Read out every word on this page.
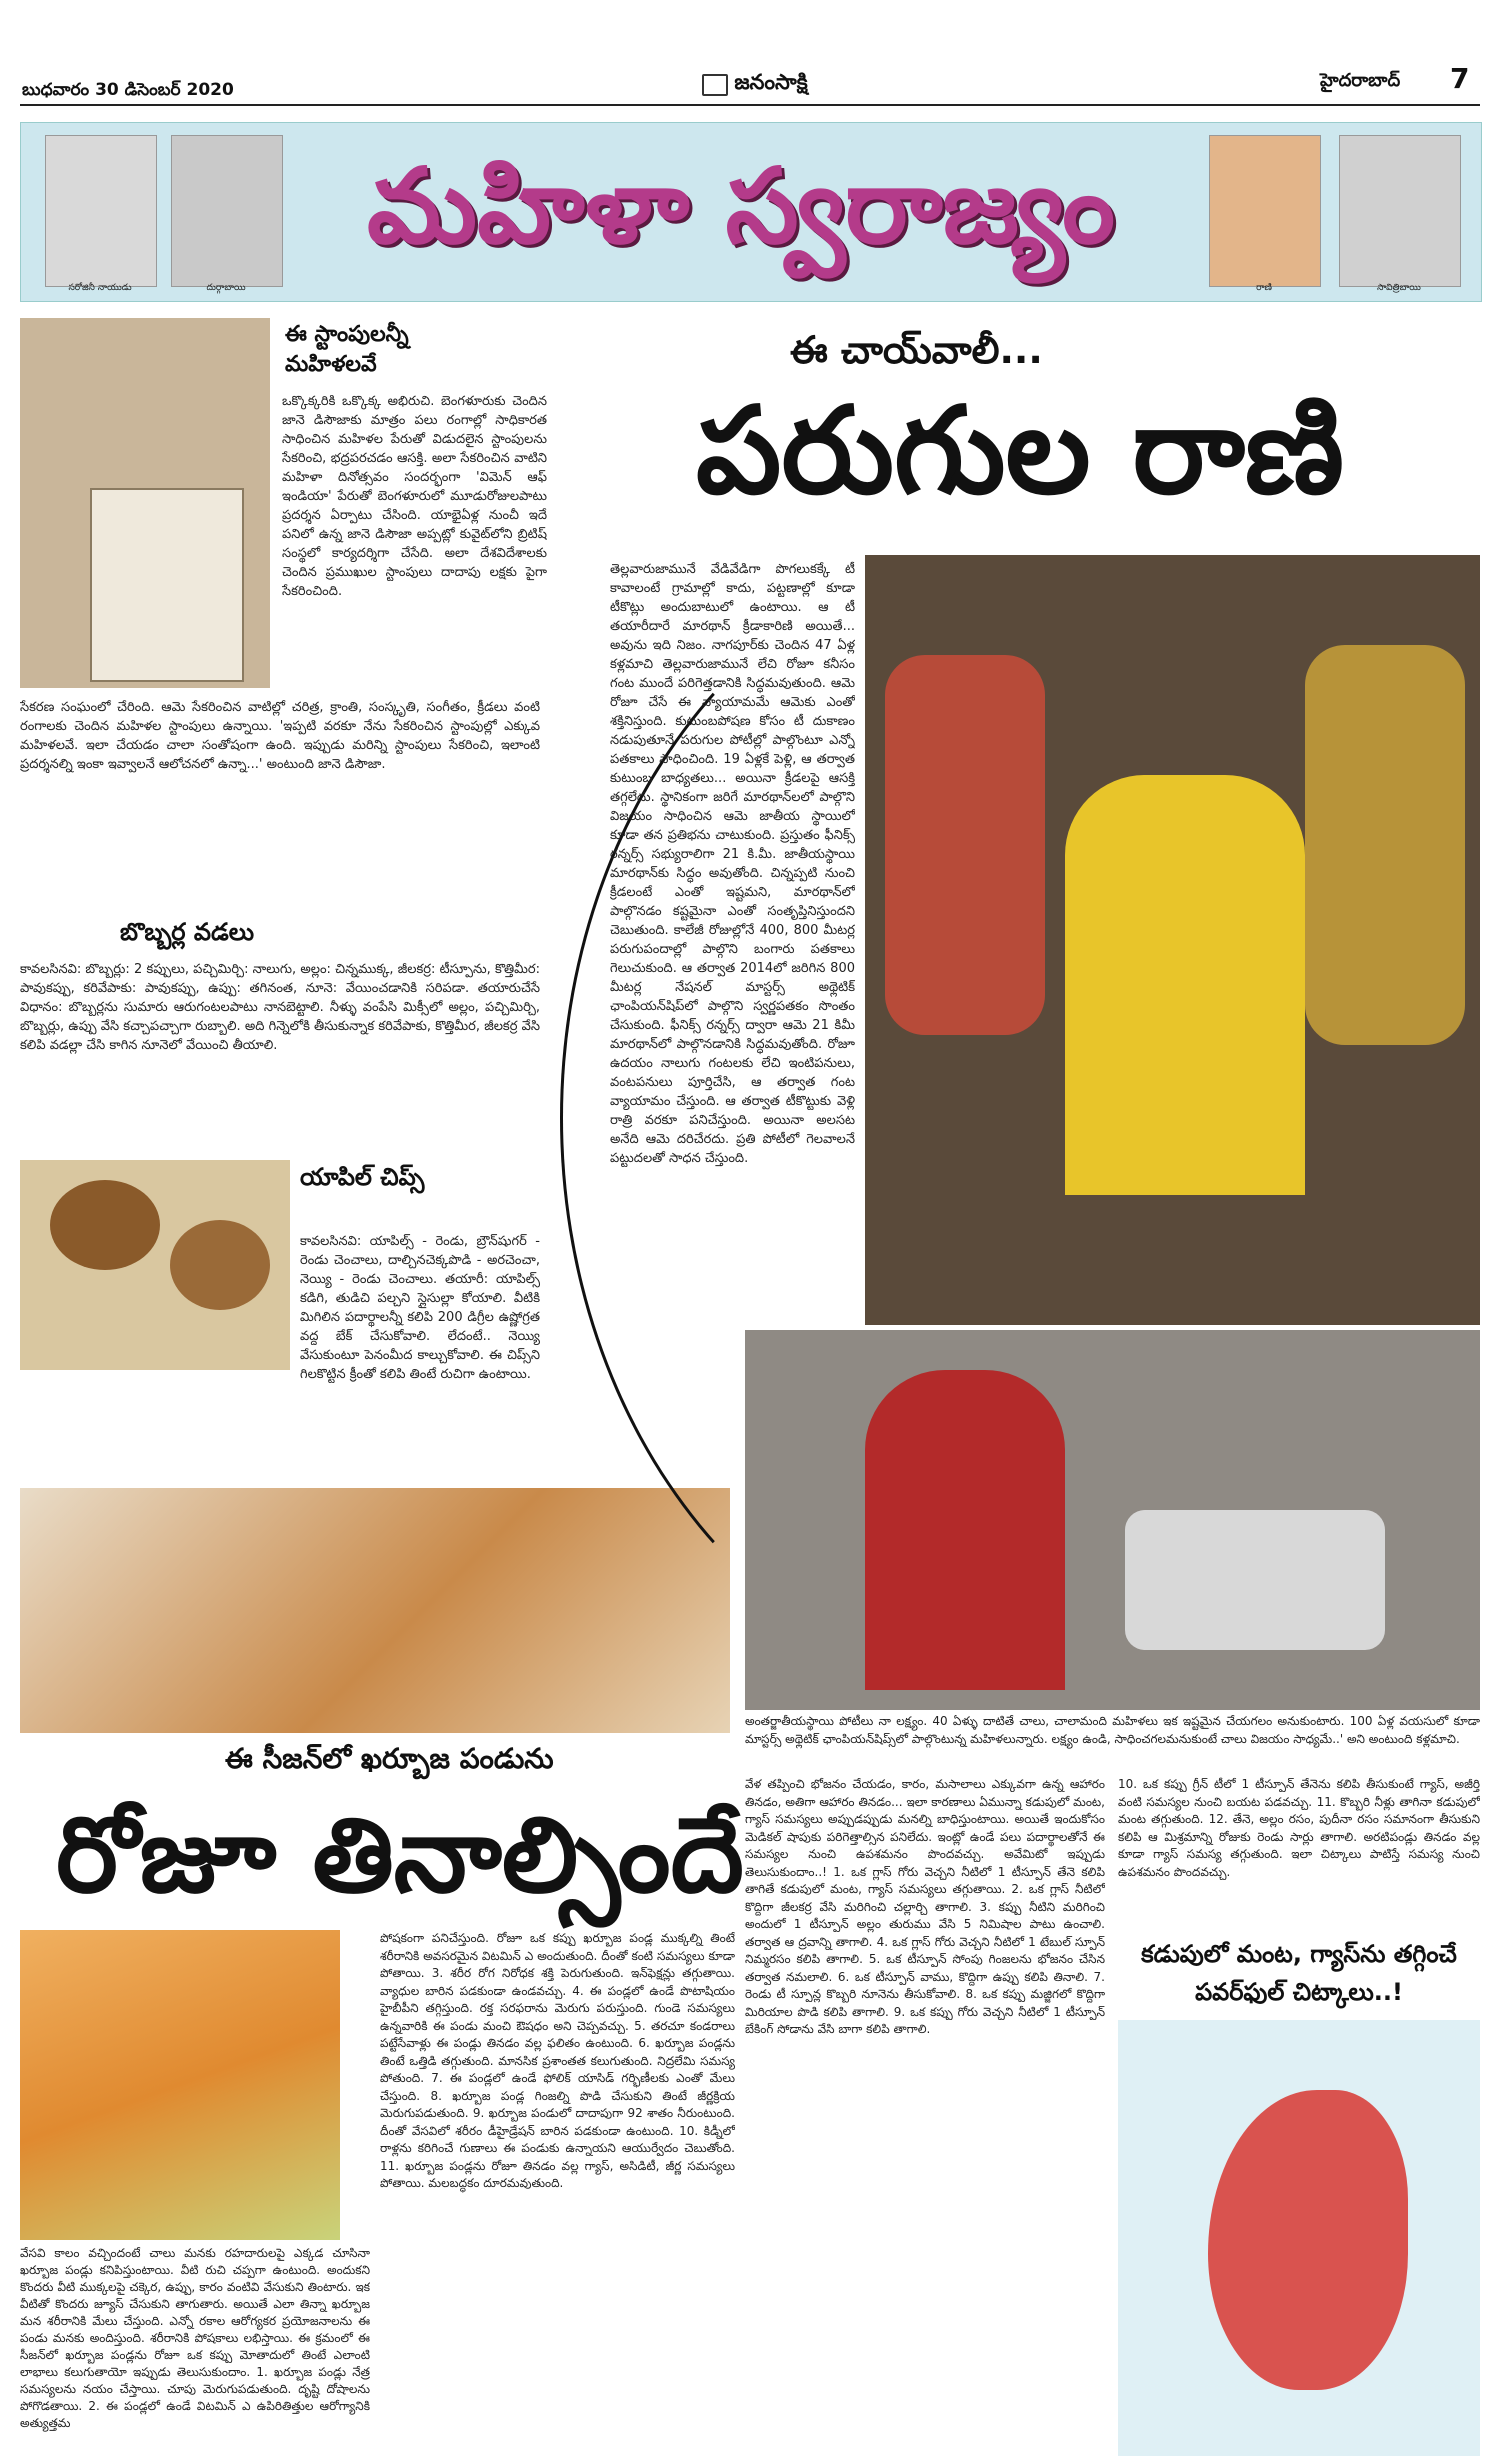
బుధవారం 30 డిసెంబర్ 2020	జనంసాక్షి	హైదరాబాద్ 7
సరోజినీ నాయుడు	దుర్గాబాయి
మహిళా స్వరాజ్యం
రాణి	సావిత్రిబాయి
ఈ స్టాంపులన్నీ మహిళలవే
ఒక్కొక్కరికి ఒక్కొక్క అభిరుచి. బెంగళూరుకు చెందిన జానె డిసౌజాకు మాత్రం పలు రంగాల్లో సాధికారత సాధించిన మహిళల పేరుతో విడుదలైన స్టాంపులను సేకరించి, భద్రపరచడం ఆసక్తి. అలా సేకరించిన వాటిని మహిళా దినోత్సవం సందర్భంగా 'విమెన్ ఆఫ్ ఇండియా' పేరుతో బెంగళూరులో మూడురోజులపాటు ప్రదర్శన ఏర్పాటు చేసింది. యాభైఏళ్ల నుంచీ ఇదే పనిలో ఉన్న జానె డిసౌజా అప్పట్లో కువైట్‌లోని బ్రిటిష్ సంస్థలో కార్యదర్శిగా చేసేది. అలా దేశవిదేశాలకు చెందిన ప్రముఖుల స్టాంపులు దాదాపు లక్షకు పైగా సేకరించింది.
సేకరణ సంఘంలో చేరింది. ఆమె సేకరించిన వాటిల్లో చరిత్ర, క్రాంతి, సంస్కృతి, సంగీతం, క్రీడలు వంటి రంగాలకు చెందిన మహిళల స్టాంపులు ఉన్నాయి. 'ఇప్పటి వరకూ నేను సేకరించిన స్టాంపుల్లో ఎక్కువ మహిళలవే. ఇలా చేయడం చాలా సంతోషంగా ఉంది. ఇప్పుడు మరిన్ని స్టాంపులు సేకరించి, ఇలాంటి ప్రదర్శనల్ని ఇంకా ఇవ్వాలనే ఆలోచనలో ఉన్నా...' అంటుంది జానె డిసౌజా.
బొబ్బర్ల వడలు
కావలసినవి: బొబ్బర్లు: 2 కప్పులు, పచ్చిమిర్చి: నాలుగు, అల్లం: చిన్నముక్క, జీలకర్ర: టీస్పూను, కొత్తిమీర: పావుకప్పు, కరివేపాకు: పావుకప్పు, ఉప్పు: తగినంత, నూనె: వేయించడానికి సరిపడా. తయారుచేసే విధానం: బొబ్బర్లను సుమారు ఆరుగంటలపాటు నానబెట్టాలి. నీళ్ళు వంపేసి మిక్సీలో అల్లం, పచ్చిమిర్చి, బొబ్బర్లు, ఉప్పు వేసి కచ్చాపచ్చాగా రుబ్బాలి. అది గిన్నెలోకి తీసుకున్నాక కరివేపాకు, కొత్తిమీర, జీలకర్ర వేసి కలిపి వడల్లా చేసి కాగిన నూనెలో వేయించి తీయాలి.
యాపిల్ చిప్స్
కావలసినవి: యాపిల్స్ - రెండు, బ్రౌన్‌షుగర్ - రెండు చెంచాలు, దాల్చినచెక్కపొడి - అరచెంచా, నెయ్యి - రెండు చెంచాలు. తయారీ: యాపిల్స్ కడిగి, తుడిచి పల్చని స్లైసుల్లా కోయాలి. వీటికి మిగిలిన పదార్థాలన్నీ కలిపి 200 డిగ్రీల ఉష్ణోగ్రత వద్ద బేక్ చేసుకోవాలి. లేదంటే.. నెయ్యి వేసుకుంటూ పెనంమీద కాల్చుకోవాలి. ఈ చిప్స్‌ని గిలకొట్టిన క్రీంతో కలిపి తింటే రుచిగా ఉంటాయి.
ఈ చాయ్‌వాలీ...
పరుగుల రాణి
తెల్లవారుజామునే వేడివేడిగా పొగలుకక్కే టీ కావాలంటే గ్రామాల్లో కాదు, పట్టణాల్లో కూడా టీకొట్లు అందుబాటులో ఉంటాయి. ఆ టీ తయారీదారే మారథాన్ క్రీడాకారిణి అయితే... అవును ఇది నిజం. నాగపూర్‌కు చెందిన 47 ఏళ్ల కళ్లమాచి తెల్లవారుజామునే లేచి రోజూ కనీసం గంట ముందే పరిగెత్తడానికి సిద్ధమవుతుంది. ఆమె రోజూ చేసే ఈ వ్యాయామమే ఆమెకు ఎంతో శక్తినిస్తుంది. కుటుంబపోషణ కోసం టీ దుకాణం నడుపుతూనే పరుగుల పోటీల్లో పాల్గొంటూ ఎన్నో పతకాలు సాధించింది. 19 ఏళ్లకే పెళ్లి, ఆ తర్వాత కుటుంబ బాధ్యతలు... అయినా క్రీడలపై ఆసక్తి తగ్గలేదు. స్థానికంగా జరిగే మారథాన్‌లలో పాల్గొని విజయం సాధించిన ఆమె జాతీయ స్థాయిలో కూడా తన ప్రతిభను చాటుకుంది. ప్రస్తుతం ఫీనిక్స్ రన్నర్స్ సభ్యురాలిగా 21 కి.మీ. జాతీయస్థాయి మారథాన్‌కు సిద్ధం అవుతోంది. చిన్నప్పటి నుంచి క్రీడలంటే ఎంతో ఇష్టమని, మారథాన్‌లో పాల్గొనడం కష్టమైనా ఎంతో సంతృప్తినిస్తుందని చెబుతుంది. కాలేజీ రోజుల్లోనే 400, 800 మీటర్ల పరుగుపందాల్లో పాల్గొని బంగారు పతకాలు గెలుచుకుంది. ఆ తర్వాత 2014లో జరిగిన 800 మీటర్ల నేషనల్ మాస్టర్స్ అథ్లెటిక్ ఛాంపియన్‌షిప్‌లో పాల్గొని స్వర్ణపతకం సొంతం చేసుకుంది. ఫీనిక్స్ రన్నర్స్ ద్వారా ఆమె 21 కిమీ మారథాన్‌లో పాల్గొనడానికి సిద్ధమవుతోంది. రోజూ ఉదయం నాలుగు గంటలకు లేచి ఇంటిపనులు, వంటపనులు పూర్తిచేసి, ఆ తర్వాత గంట వ్యాయామం చేస్తుంది. ఆ తర్వాత టీకొట్టుకు వెళ్లి రాత్రి వరకూ పనిచేస్తుంది. అయినా అలసట అనేది ఆమె దరిచేరదు. ప్రతి పోటీలో గెలవాలనే పట్టుదలతో సాధన చేస్తుంది.
అంతర్జాతీయస్థాయి పోటీలు నా లక్ష్యం. 40 ఏళ్ళు దాటితే చాలు, చాలామంది మహిళలు ఇక ఇష్టమైన చేయగలం అనుకుంటారు. 100 ఏళ్ల వయసులో కూడా మాస్టర్స్ అథ్లెటిక్ ఛాంపియన్‌షిప్స్‌లో పాల్గొంటున్న మహిళలున్నారు. లక్ష్యం ఉండి, సాధించగలమనుకుంటే చాలు విజయం సాధ్యమే..' అని అంటుంది కళ్లమాచి.
ఈ సీజన్‌లో ఖర్బూజ పండును
రోజూ తినాల్సిందే
వేసవి కాలం వచ్చిందంటే చాలు మనకు రహదారులపై ఎక్కడ చూసినా ఖర్బూజ పండ్లు కనిపిస్తుంటాయి. వీటి రుచి చప్పగా ఉంటుంది. అందుకని కొందరు వీటి ముక్కలపై చక్కెర, ఉప్పు, కారం వంటివి వేసుకుని తింటారు. ఇక వీటితో కొందరు జ్యూస్ చేసుకుని తాగుతారు. అయితే ఎలా తిన్నా ఖర్బూజ మన శరీరానికి మేలు చేస్తుంది. ఎన్నో రకాల ఆరోగ్యకర ప్రయోజనాలను ఈ పండు మనకు అందిస్తుంది. శరీరానికి పోషకాలు లభిస్తాయి. ఈ క్రమంలో ఈ సీజన్‌లో ఖర్బూజ పండ్లను రోజూ ఒక కప్పు మోతాదులో తింటే ఎలాంటి లాభాలు కలుగుతాయో ఇప్పుడు తెలుసుకుందాం. 1. ఖర్బూజ పండ్లు నేత్ర సమస్యలను నయం చేస్తాయి. చూపు మెరుగుపడుతుంది. దృష్టి దోషాలను పోగొడతాయి. 2. ఈ పండ్లలో ఉండే విటమిన్ ఎ ఉపిరితిత్తుల ఆరోగ్యానికి అత్యుత్తమ
పోషకంగా పనిచేస్తుంది. రోజూ ఒక కప్పు ఖర్బూజ పండ్ల ముక్కల్ని తింటే శరీరానికి అవసరమైన విటమిన్ ఎ అందుతుంది. దీంతో కంటి సమస్యలు కూడా పోతాయి. 3. శరీర రోగ నిరోధక శక్తి పెరుగుతుంది. ఇన్‌ఫెక్షన్లు తగ్గుతాయి. వ్యాధుల బారిన పడకుండా ఉండవచ్చు. 4. ఈ పండ్లలో ఉండే పొటాషియం హైబీపీని తగ్గిస్తుంది. రక్త సరఫరాను మెరుగు పరుస్తుంది. గుండె సమస్యలు ఉన్నవారికి ఈ పండు మంచి ఔషధం అని చెప్పవచ్చు. 5. తరచూ కండరాలు పట్టేసేవాళ్లు ఈ పండ్లు తినడం వల్ల ఫలితం ఉంటుంది. 6. ఖర్బూజ పండ్లను తింటే ఒత్తిడి తగ్గుతుంది. మానసిక ప్రశాంతత కలుగుతుంది. నిద్రలేమి సమస్య పోతుంది. 7. ఈ పండ్లలో ఉండే ఫోలిక్ యాసిడ్ గర్భిణీలకు ఎంతో మేలు చేస్తుంది. 8. ఖర్బూజ పండ్ల గింజల్ని పొడి చేసుకుని తింటే జీర్ణక్రియ మెరుగుపడుతుంది. 9. ఖర్బూజ పండులో దాదాపుగా 92 శాతం నీరుంటుంది. దీంతో వేసవిలో శరీరం డీహైడ్రేషన్ బారిన పడకుండా ఉంటుంది. 10. కిడ్నీలో రాళ్లను కరిగించే గుణాలు ఈ పండుకు ఉన్నాయని ఆయుర్వేదం చెబుతోంది. 11. ఖర్బూజ పండ్లను రోజూ తినడం వల్ల గ్యాస్, అసిడిటీ, జీర్ణ సమస్యలు పోతాయి. మలబద్ధకం దూరమవుతుంది.
వేళ తప్పించి భోజనం చేయడం, కారం, మసాలాలు ఎక్కువగా ఉన్న ఆహారం తినడం, అతిగా ఆహారం తినడం... ఇలా కారణాలు ఏమున్నా కడుపులో మంట, గ్యాస్ సమస్యలు అప్పుడప్పుడు మనల్ని బాధిస్తుంటాయి. అయితే ఇందుకోసం మెడికల్ షాపుకు పరిగెత్తాల్సిన పనిలేదు. ఇంట్లో ఉండే పలు పదార్థాలతోనే ఈ సమస్యల నుంచి ఉపశమనం పొందవచ్చు. అవేమిటో ఇప్పుడు తెలుసుకుందాం..! 1. ఒక గ్లాస్ గోరు వెచ్చని నీటిలో 1 టీస్పూన్ తేనె కలిపి తాగితే కడుపులో మంట, గ్యాస్ సమస్యలు తగ్గుతాయి. 2. ఒక గ్లాస్ నీటిలో కొద్దిగా జీలకర్ర వేసి మరిగించి చల్లార్చి తాగాలి. 3. కప్పు నీటిని మరిగించి అందులో 1 టీస్పూన్ అల్లం తురుము వేసి 5 నిమిషాల పాటు ఉంచాలి. తర్వాత ఆ ద్రవాన్ని తాగాలి. 4. ఒక గ్లాస్ గోరు వెచ్చని నీటిలో 1 టేబుల్ స్పూన్ నిమ్మరసం కలిపి తాగాలి. 5. ఒక టీస్పూన్ సోంపు గింజలను భోజనం చేసిన తర్వాత నమలాలి. 6. ఒక టీస్పూన్ వాము, కొద్దిగా ఉప్పు కలిపి తినాలి. 7. రెండు టీ స్పూన్ల కొబ్బరి నూనెను తీసుకోవాలి. 8. ఒక కప్పు మజ్జిగలో కొద్దిగా మిరియాల పొడి కలిపి తాగాలి. 9. ఒక కప్పు గోరు వెచ్చని నీటిలో 1 టీస్పూన్ బేకింగ్ సోడాను వేసి బాగా కలిపి తాగాలి.
10. ఒక కప్పు గ్రీన్ టీలో 1 టీస్పూన్ తేనెను కలిపి తీసుకుంటే గ్యాస్, అజీర్తి వంటి సమస్యల నుంచి బయట పడవచ్చు. 11. కొబ్బరి నీళ్లు తాగినా కడుపులో మంట తగ్గుతుంది. 12. తేనె, అల్లం రసం, పుదీనా రసం సమానంగా తీసుకుని కలిపి ఆ మిశ్రమాన్ని రోజుకు రెండు సార్లు తాగాలి. అరటిపండ్లు తినడం వల్ల కూడా గ్యాస్ సమస్య తగ్గుతుంది. ఇలా చిట్కాలు పాటిస్తే సమస్య నుంచి ఉపశమనం పొందవచ్చు.
కడుపులో మంట, గ్యాస్‌ను తగ్గించే పవర్‌ఫుల్ చిట్కాలు..!
